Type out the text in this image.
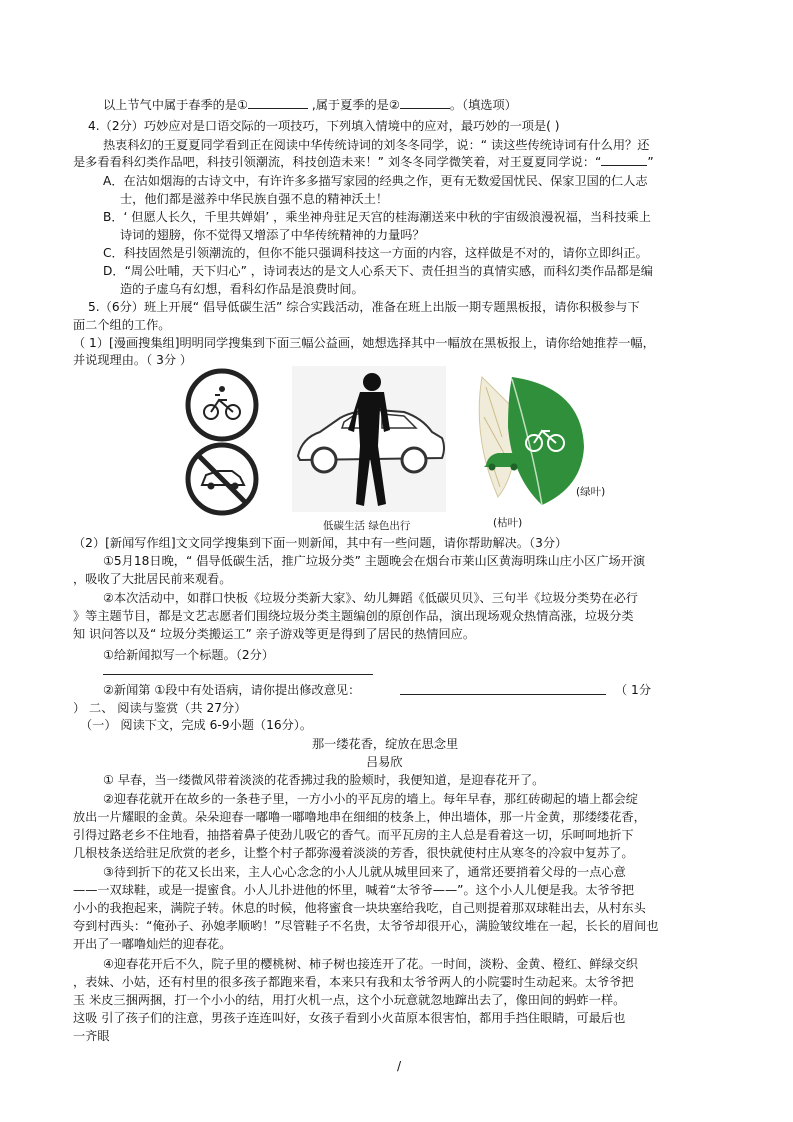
以上节气中属于春季的是①	,属于夏季的是②	。（填选项）
4.（2分）巧妙应对是口语交际的一项技巧，下列填入情境中的应对，最巧妙的一项是( )
热衷科幻的王夏夏同学看到正在阅读中华传统诗词的刘冬冬同学，说：“ 读这些传统诗词有什么用？还
是多看看科幻类作品吧，科技引领潮流，科技创造未来！” 刘冬冬同学微笑着，对王夏夏同学说：“	”
A．在沽如烟海的古诗文中，有许许多多描写家园的经典之作，更有无数爱国忧民、保家卫国的仁人志
士，他们都是滋养中华民族自强不息的精神沃土！
B．‘ 但愿人长久，千里共婵娟’ ，乘坐神舟驻足天宫的桂海潮送来中秋的宇宙级浪漫祝福，当科技乘上
诗词的翅膀，你不觉得又增添了中华传统精神的力量吗？
C．科技固然是引领潮流的，但你不能只强调科技这一方面的内容，这样做是不对的，请你立即纠正。
D．“周公吐哺，天下归心” ，诗词表达的是文人心系天下、责任担当的真情实感，而科幻类作品都是编
造的子虚乌有幻想，看科幻作品是浪费时间。
5.（6分）班上开展“ 倡导低碳生活” 综合实践活动，准备在班上出版一期专题黑板报，请你积极参与下
面二个组的工作。
（ 1）[漫画搜集组]明明同学搜集到下面三幅公益画，她想选择其中一幅放在黑板报上，请你给她推荐一幅，
并说现理由。（ 3分 ）
低碳生活 绿色出行
(绿叶)
(枯叶)
（2）[新闻写作组]文文同学搜集到下面一则新闻，其中有一些问题，请你帮助解决。（3分）
①5月18日晚，“ 倡导低碳生活，推广垃圾分类” 主题晚会在烟台市莱山区黄海明珠山庄小区广场开演
，吸收了大批居民前来观看。
②本次活动中，如群口快板《垃圾分类新大家》、幼儿舞蹈《低碳贝贝》、三句半《垃圾分类势在必行
》等主题节目，都是文艺志愿者们围绕垃圾分类主题编创的原创作品，演出现场观众热情高涨，垃圾分类
知 识问答以及“ 垃圾分类搬运工” 亲子游戏等更是得到了居民的热情回应。
①给新闻拟写一个标题。（2分）
②新闻第 ①段中有处语病，请你提出修改意见：	（ 1分
） 二、 阅读与鉴赏（共 27分）
（一） 阅读下文，完成 6-9小题（16分）。
那一缕花香，绽放在思念里
吕易欣
① 早春，当一缕微风带着淡淡的花香拂过我的脸颊时，我便知道，是迎春花开了。
②迎春花就开在故乡的一条巷子里，一方小小的平瓦房的墙上。每年早春，那红砖砌起的墙上都会绽
放出一片耀眼的金黄。朵朵迎春一嘟噜一嘟噜地串在细细的枝条上，伸出墙体，那一片金黄，那缕缕花香，
引得过路老乡不住地看，抽搭着鼻子使劲儿吸它的香气。而平瓦房的主人总是看着这一切，乐呵呵地折下
几根枝条送给驻足欣赏的老乡，让整个村子都弥漫着淡淡的芳香，很快就使村庄从寒冬的冷寂中复苏了。
③待到折下的花又长出来，主人心心念念的小人儿就从城里回来了，通常还要捎着父母的一点心意
——一双球鞋，或是一提蜜食。小人儿扑进他的怀里，喊着“太爷爷——”。这个小人儿便是我。太爷爷把
小小的我抱起来，满院子转。休息的时候，他将蜜食一块块塞给我吃，自己则提着那双球鞋出去，从村东头
夸到村西头：“俺孙子、孙媳孝顺哟！”尽管鞋子不名贵，太爷爷却很开心，满脸皱纹堆在一起，长长的眉间也
开出了一嘟噜灿烂的迎春花。
④迎春花开后不久，院子里的樱桃树、柿子树也接连开了花。一时间，淡粉、金黄、橙红、鲜绿交织
，表妹、小姑，还有村里的很多孩子都跑来看，本来只有我和太爷爷两人的小院霎时生动起来。太爷爷把
玉 米皮三捆两捆，打一个小小的结，用打火机一点，这个小玩意就忽地蹿出去了，像田间的蚂蚱一样。
这吸 引了孩子们的注意，男孩子连连叫好，女孩子看到小火苗原本很害怕，都用手挡住眼睛，可最后也
一齐眼
/
